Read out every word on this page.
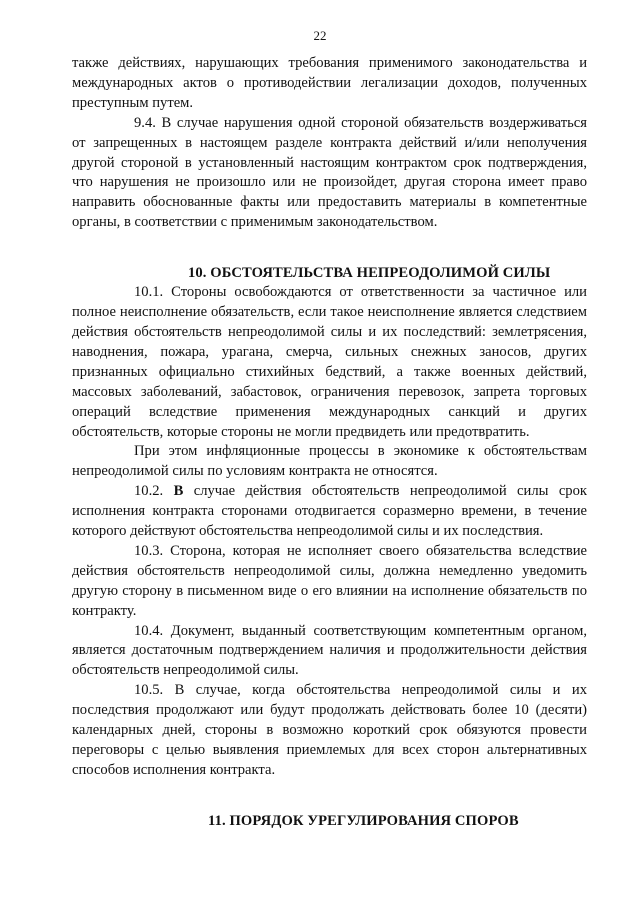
22

также действиях, нарушающих требования применимого законодательства и международных актов о противодействии легализации доходов, полученных преступным путем.

9.4. В случае нарушения одной стороной обязательств воздерживаться от запрещенных в настоящем разделе контракта действий и/или неполучения другой стороной в установленный настоящим контрактом срок подтверждения, что нарушения не произошло или не произойдет, другая сторона имеет право направить обоснованные факты или предоставить материалы в компетентные органы, в соответствии с применимым законодательством.

10. ОБСТОЯТЕЛЬСТВА НЕПРЕОДОЛИМОЙ СИЛЫ

10.1. Стороны освобождаются от ответственности за частичное или полное неисполнение обязательств, если такое неисполнение является следствием действия обстоятельств непреодолимой силы и их последствий: землетрясения, наводнения, пожара, урагана, смерча, сильных снежных заносов, других признанных официально стихийных бедствий, а также военных действий, массовых заболеваний, забастовок, ограничения перевозок, запрета торговых операций вследствие применения международных санкций и других обстоятельств, которые стороны не могли предвидеть или предотвратить.

При этом инфляционные процессы в экономике к обстоятельствам непреодолимой силы по условиям контракта не относятся.

10.2. В случае действия обстоятельств непреодолимой силы срок исполнения контракта сторонами отодвигается соразмерно времени, в течение которого действуют обстоятельства непреодолимой силы и их последствия.

10.3. Сторона, которая не исполняет своего обязательства вследствие действия обстоятельств непреодолимой силы, должна немедленно уведомить другую сторону в письменном виде о его влиянии на исполнение обязательств по контракту.

10.4. Документ, выданный соответствующим компетентным органом, является достаточным подтверждением наличия и продолжительности действия обстоятельств непреодолимой силы.

10.5. В случае, когда обстоятельства непреодолимой силы и их последствия продолжают или будут продолжать действовать более 10 (десяти) календарных дней, стороны в возможно короткий срок обязуются провести переговоры с целью выявления приемлемых для всех сторон альтернативных способов исполнения контракта.

11. ПОРЯДОК УРЕГУЛИРОВАНИЯ СПОРОВ
